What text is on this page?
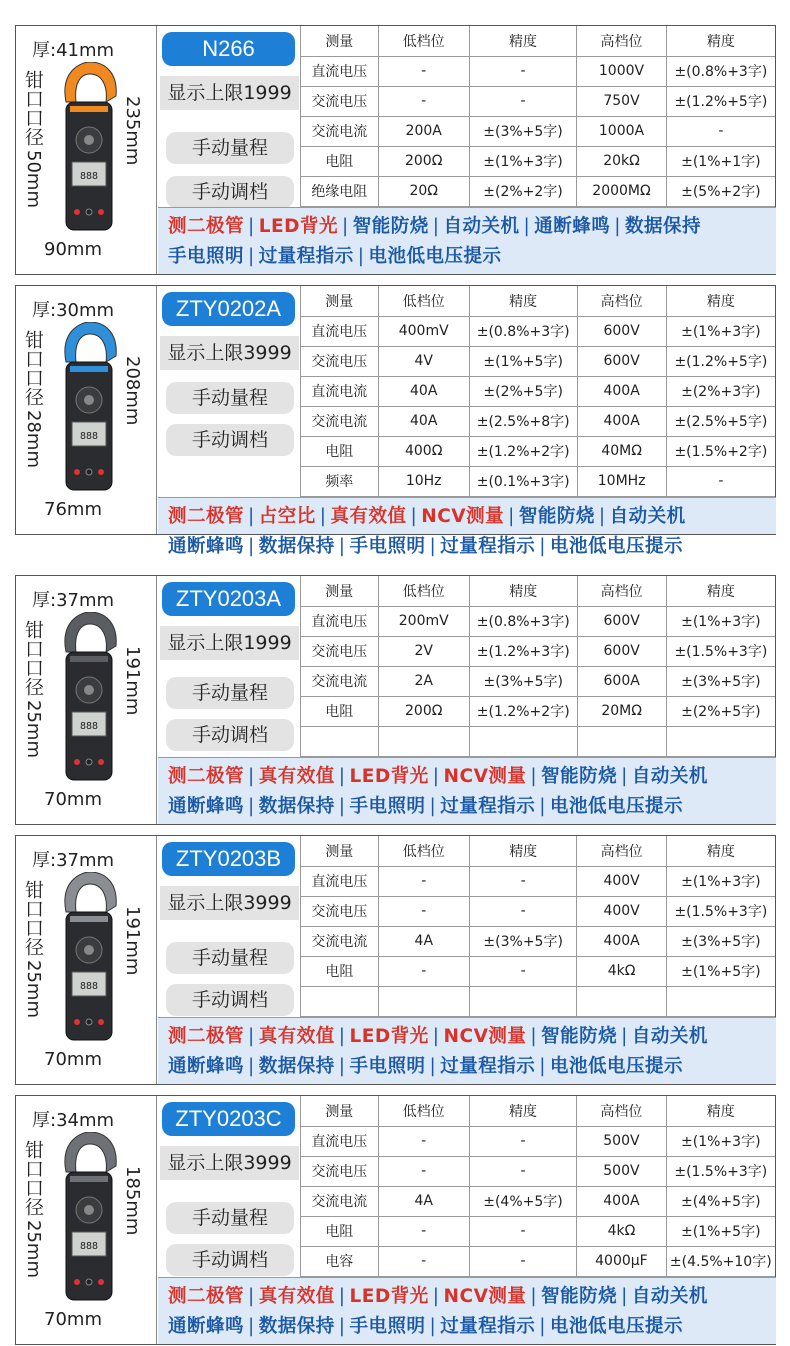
厚:41mm
钳口口径
50mm
235mm
90mm
888
N266
显示上限1999
手动量程
手动调档
测量	低档位	精度	高档位	精度
直流电压	-	-	1000V	±(0.8%+3字)
交流电压	-	-	750V	±(1.2%+5字)
交流电流	200A	±(3%+5字)	1000A	-
电阻	200Ω	±(1%+3字)	20kΩ	±(1%+1字)
绝缘电阻	20Ω	±(2%+2字)	2000MΩ	±(5%+2字)
测二极管 | LED背光 | 智能防烧 | 自动关机 | 通断蜂鸣 | 数据保持
手电照明 | 过量程指示 | 电池低电压提示
厚:30mm
钳口口径
28mm
208mm
76mm
888
ZTY0202A
显示上限3999
手动量程
手动调档
测量	低档位	精度	高档位	精度
直流电压	400mV	±(0.8%+3字)	600V	±(1%+3字)
交流电压	4V	±(1%+5字)	600V	±(1.2%+5字)
直流电流	40A	±(2%+5字)	400A	±(2%+3字)
交流电流	40A	±(2.5%+8字)	400A	±(2.5%+5字)
电阻	400Ω	±(1.2%+2字)	40MΩ	±(1.5%+2字)
频率	10Hz	±(0.1%+3字)	10MHz	-
测二极管 | 占空比 | 真有效值 | NCV测量 | 智能防烧 | 自动关机
通断蜂鸣 | 数据保持 | 手电照明 | 过量程指示 | 电池低电压提示
厚:37mm
钳口口径
25mm
191mm
70mm
888
ZTY0203A
显示上限1999
手动量程
手动调档
测量	低档位	精度	高档位	精度
直流电压	200mV	±(0.8%+3字)	600V	±(1%+3字)
交流电压	2V	±(1.2%+3字)	600V	±(1.5%+3字)
交流电流	2A	±(3%+5字)	600A	±(3%+5字)
电阻	200Ω	±(1.2%+2字)	20MΩ	±(2%+5字)

测二极管 | 真有效值 | LED背光 | NCV测量 | 智能防烧 | 自动关机
通断蜂鸣 | 数据保持 | 手电照明 | 过量程指示 | 电池低电压提示
厚:37mm
钳口口径
25mm
191mm
70mm
888
ZTY0203B
显示上限3999
手动量程
手动调档
测量	低档位	精度	高档位	精度
直流电压	-	-	400V	±(1%+3字)
交流电压	-	-	400V	±(1.5%+3字)
交流电流	4A	±(3%+5字)	400A	±(3%+5字)
电阻	-	-	4kΩ	±(1%+5字)

测二极管 | 真有效值 | LED背光 | NCV测量 | 智能防烧 | 自动关机
通断蜂鸣 | 数据保持 | 手电照明 | 过量程指示 | 电池低电压提示
厚:34mm
钳口口径
25mm
185mm
70mm
888
ZTY0203C
显示上限3999
手动量程
手动调档
测量	低档位	精度	高档位	精度
直流电压	-	-	500V	±(1%+3字)
交流电压	-	-	500V	±(1.5%+3字)
交流电流	4A	±(4%+5字)	400A	±(4%+5字)
电阻	-	-	4kΩ	±(1%+5字)
电容	-	-	4000μF	±(4.5%+10字)
测二极管 | 真有效值 | LED背光 | NCV测量 | 智能防烧 | 自动关机
通断蜂鸣 | 数据保持 | 手电照明 | 过量程指示 | 电池低电压提示
